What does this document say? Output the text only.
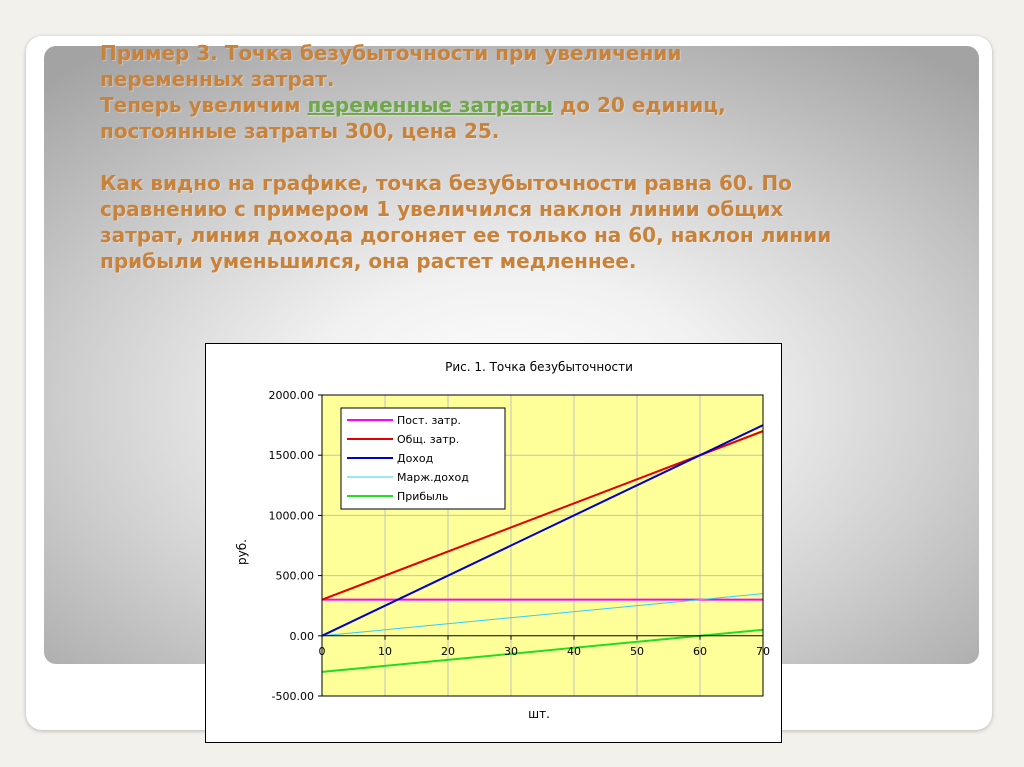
Пример 3. Точка безубыточности при увеличении
переменных затрат.
Теперь увеличим переменные затраты до 20 единиц,
постоянные затраты 300, цена 25.
Как видно на графике, точка безубыточности равна 60. По
сравнению с примером 1 увеличился наклон линии общих
затрат, линия дохода догоняет ее только на 60, наклон линии
прибыли уменьшился, она растет медленнее.
Рис. 1. Точка безубыточности
0	10	20	30	40	50	60	70
-500.00
0.00
500.00
1000.00
1500.00
2000.00
шт.
руб.
Пост. затр.
Общ. затр.
Доход
Марж.доход
Прибыль
